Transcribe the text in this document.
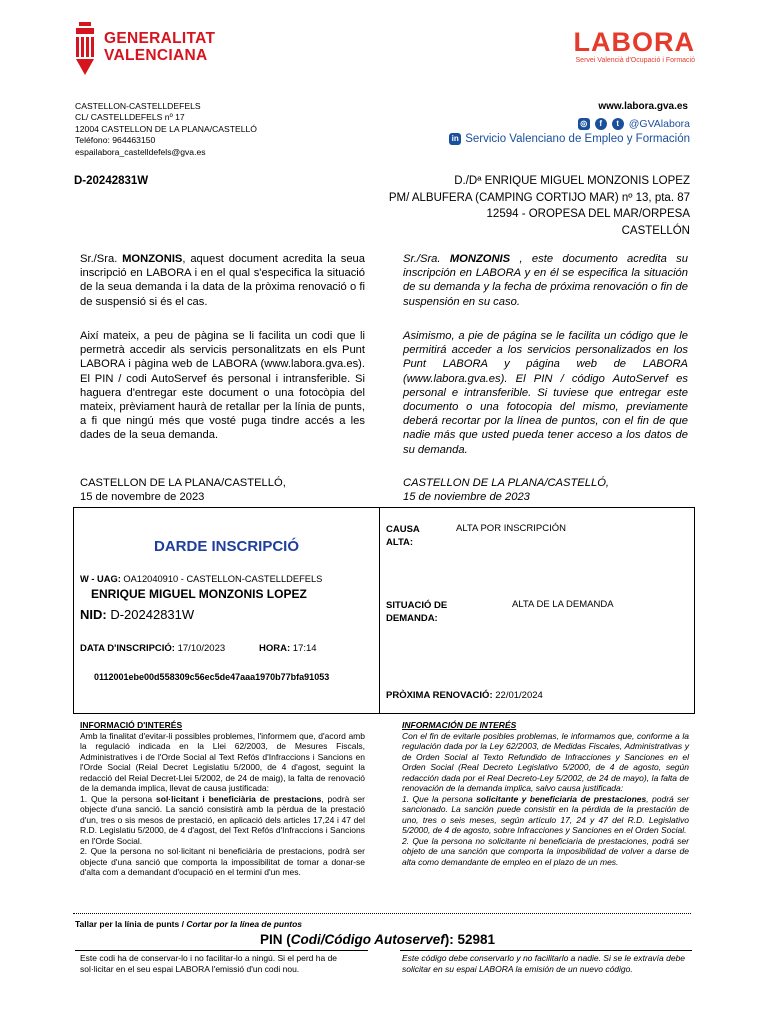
GENERALITAT
VALENCIANA	LABORA
Servei Valencià d'Ocupació i Formació
CASTELLON-CASTELLDEFELS
CL/ CASTELLDEFELS nº 17
12004 CASTELLON DE LA PLANA/CASTELLÓ
Teléfono: 964463150
espailabora_castelldefels@gva.es
www.labora.gva.es
◎	f	t @GVAlabora
in Servicio Valenciano de Empleo y Formación
D-20242831W	D./Dª ENRIQUE MIGUEL MONZONIS LOPEZ
PM/ ALBUFERA (CAMPING CORTIJO MAR) nº 13, pta. 87
12594 - OROPESA DEL MAR/ORPESA
CASTELLÓN
Sr./Sra. MONZONIS, aquest document acredita la seua inscripció en LABORA i en el qual s'especifica la situació de la seua demanda i la data de la pròxima renovació o fi de suspensió si és el cas.
Així mateix, a peu de pàgina se li facilita un codi que li permetrà accedir als servicis personalitzats en els Punt LABORA i pàgina web de LABORA (www.labora.gva.es). El PIN / codi AutoServef és personal i intransferible. Si haguera d'entregar este document o una fotocòpia del mateix, prèviament haurà de retallar per la línia de punts, a fi que ningú més que vosté puga tindre accés a les dades de la seua demanda.
CASTELLON DE LA PLANA/CASTELLÓ,
15 de novembre de 2023
Sr./Sra. MONZONIS , este documento acredita su inscripción en LABORA y en él se especifica la situación de su demanda y la fecha de próxima renovación o fin de suspensión en su caso.
Asimismo, a pie de página se le facilita un código que le permitirá acceder a los servicios personalizados en los Punt LABORA y página web de LABORA (www.labora.gva.es). El PIN / código AutoServef es personal e intransferible. Si tuviese que entregar este documento o una fotocopia del mismo, previamente deberá recortar por la línea de puntos, con el fin de que nadie más que usted pueda tener acceso a los datos de su demanda.
CASTELLON DE LA PLANA/CASTELLÓ,
15 de noviembre de 2023
DARDE INSCRIPCIÓ
W - UAG: OA12040910 - CASTELLON-CASTELLDEFELS
ENRIQUE MIGUEL MONZONIS LOPEZ
NID: D-20242831W
DATA D'INSCRIPCIÓ: 17/10/2023	HORA: 17:14
0112001ebe00d558309c56ec5de47aaa1970b77bfa91053
CAUSA
ALTA:
ALTA POR INSCRIPCIÓN
SITUACIÓ DE
DEMANDA:
ALTA DE LA DEMANDA
PRÒXIMA RENOVACIÓ: 22/01/2024
INFORMACIÓ D'INTERÉS
Amb la finalitat d'evitar-li possibles problemes, l'informem que, d'acord amb la regulació indicada en la Llei 62/2003, de Mesures Fiscals, Administratives i de l'Orde Social al Text Refós d'Infraccions i Sancions en l'Orde Social (Reial Decret Legislatiu 5/2000, de 4 d'agost, seguint la redacció del Reial Decret-Llei 5/2002, de 24 de maig), la falta de renovació de la demanda implica, llevat de causa justificada:
1. Que la persona sol·licitant i beneficiària de prestacions, podrà ser objecte d'una sanció. La sanció consistirà amb la pèrdua de la prestació d'un, tres o sis mesos de prestació, en aplicació dels articles 17,24 i 47 del R.D. Legislatiu 5/2000, de 4 d'agost, del Text Refós d'Infraccions i Sancions en l'Orde Social.
2. Que la persona no sol·licitant ni beneficiària de prestacions, podrà ser objecte d'una sanció que comporta la impossibilitat de tornar a donar-se d'alta com a demandant d'ocupació en el termini d'un mes.
INFORMACIÓN DE INTERÉS
Con el fin de evitarle posibles problemas, le informamos que, conforme a la regulación dada por la Ley 62/2003, de Medidas Fiscales, Administrativas y de Orden Social al Texto Refundido de Infracciones y Sanciones en el Orden Social (Real Decreto Legislativo 5/2000, de 4 de agosto, según redacción dada por el Real Decreto-Ley 5/2002, de 24 de mayo), la falta de renovación de la demanda implica, salvo causa justificada:
1. Que la persona solicitante y beneficiaria de prestaciones, podrá ser sancionado. La sanción puede consistir en la pérdida de la prestación de uno, tres o seis meses, según artículo 17, 24 y 47 del R.D. Legislativo 5/2000, de 4 de agosto, sobre Infracciones y Sanciones en el Orden Social.
2. Que la persona no solicitante ni beneficiaria de prestaciones, podrá ser objeto de una sanción que comporta la imposibilidad de volver a darse de alta como demandante de empleo en el plazo de un mes.
Tallar per la línia de punts / Cortar por la línea de puntos
PIN (Codi/Código Autoservef): 52981
Este codi ha de conservar-lo i no facilitar-lo a ningú. Si el perd ha de sol·licitar en el seu espai LABORA l'emissió d'un codi nou.
Este código debe conservarlo y no facilitarlo a nadie. Si se le extravía debe solicitar en su espai LABORA la emisión de un nuevo código.
